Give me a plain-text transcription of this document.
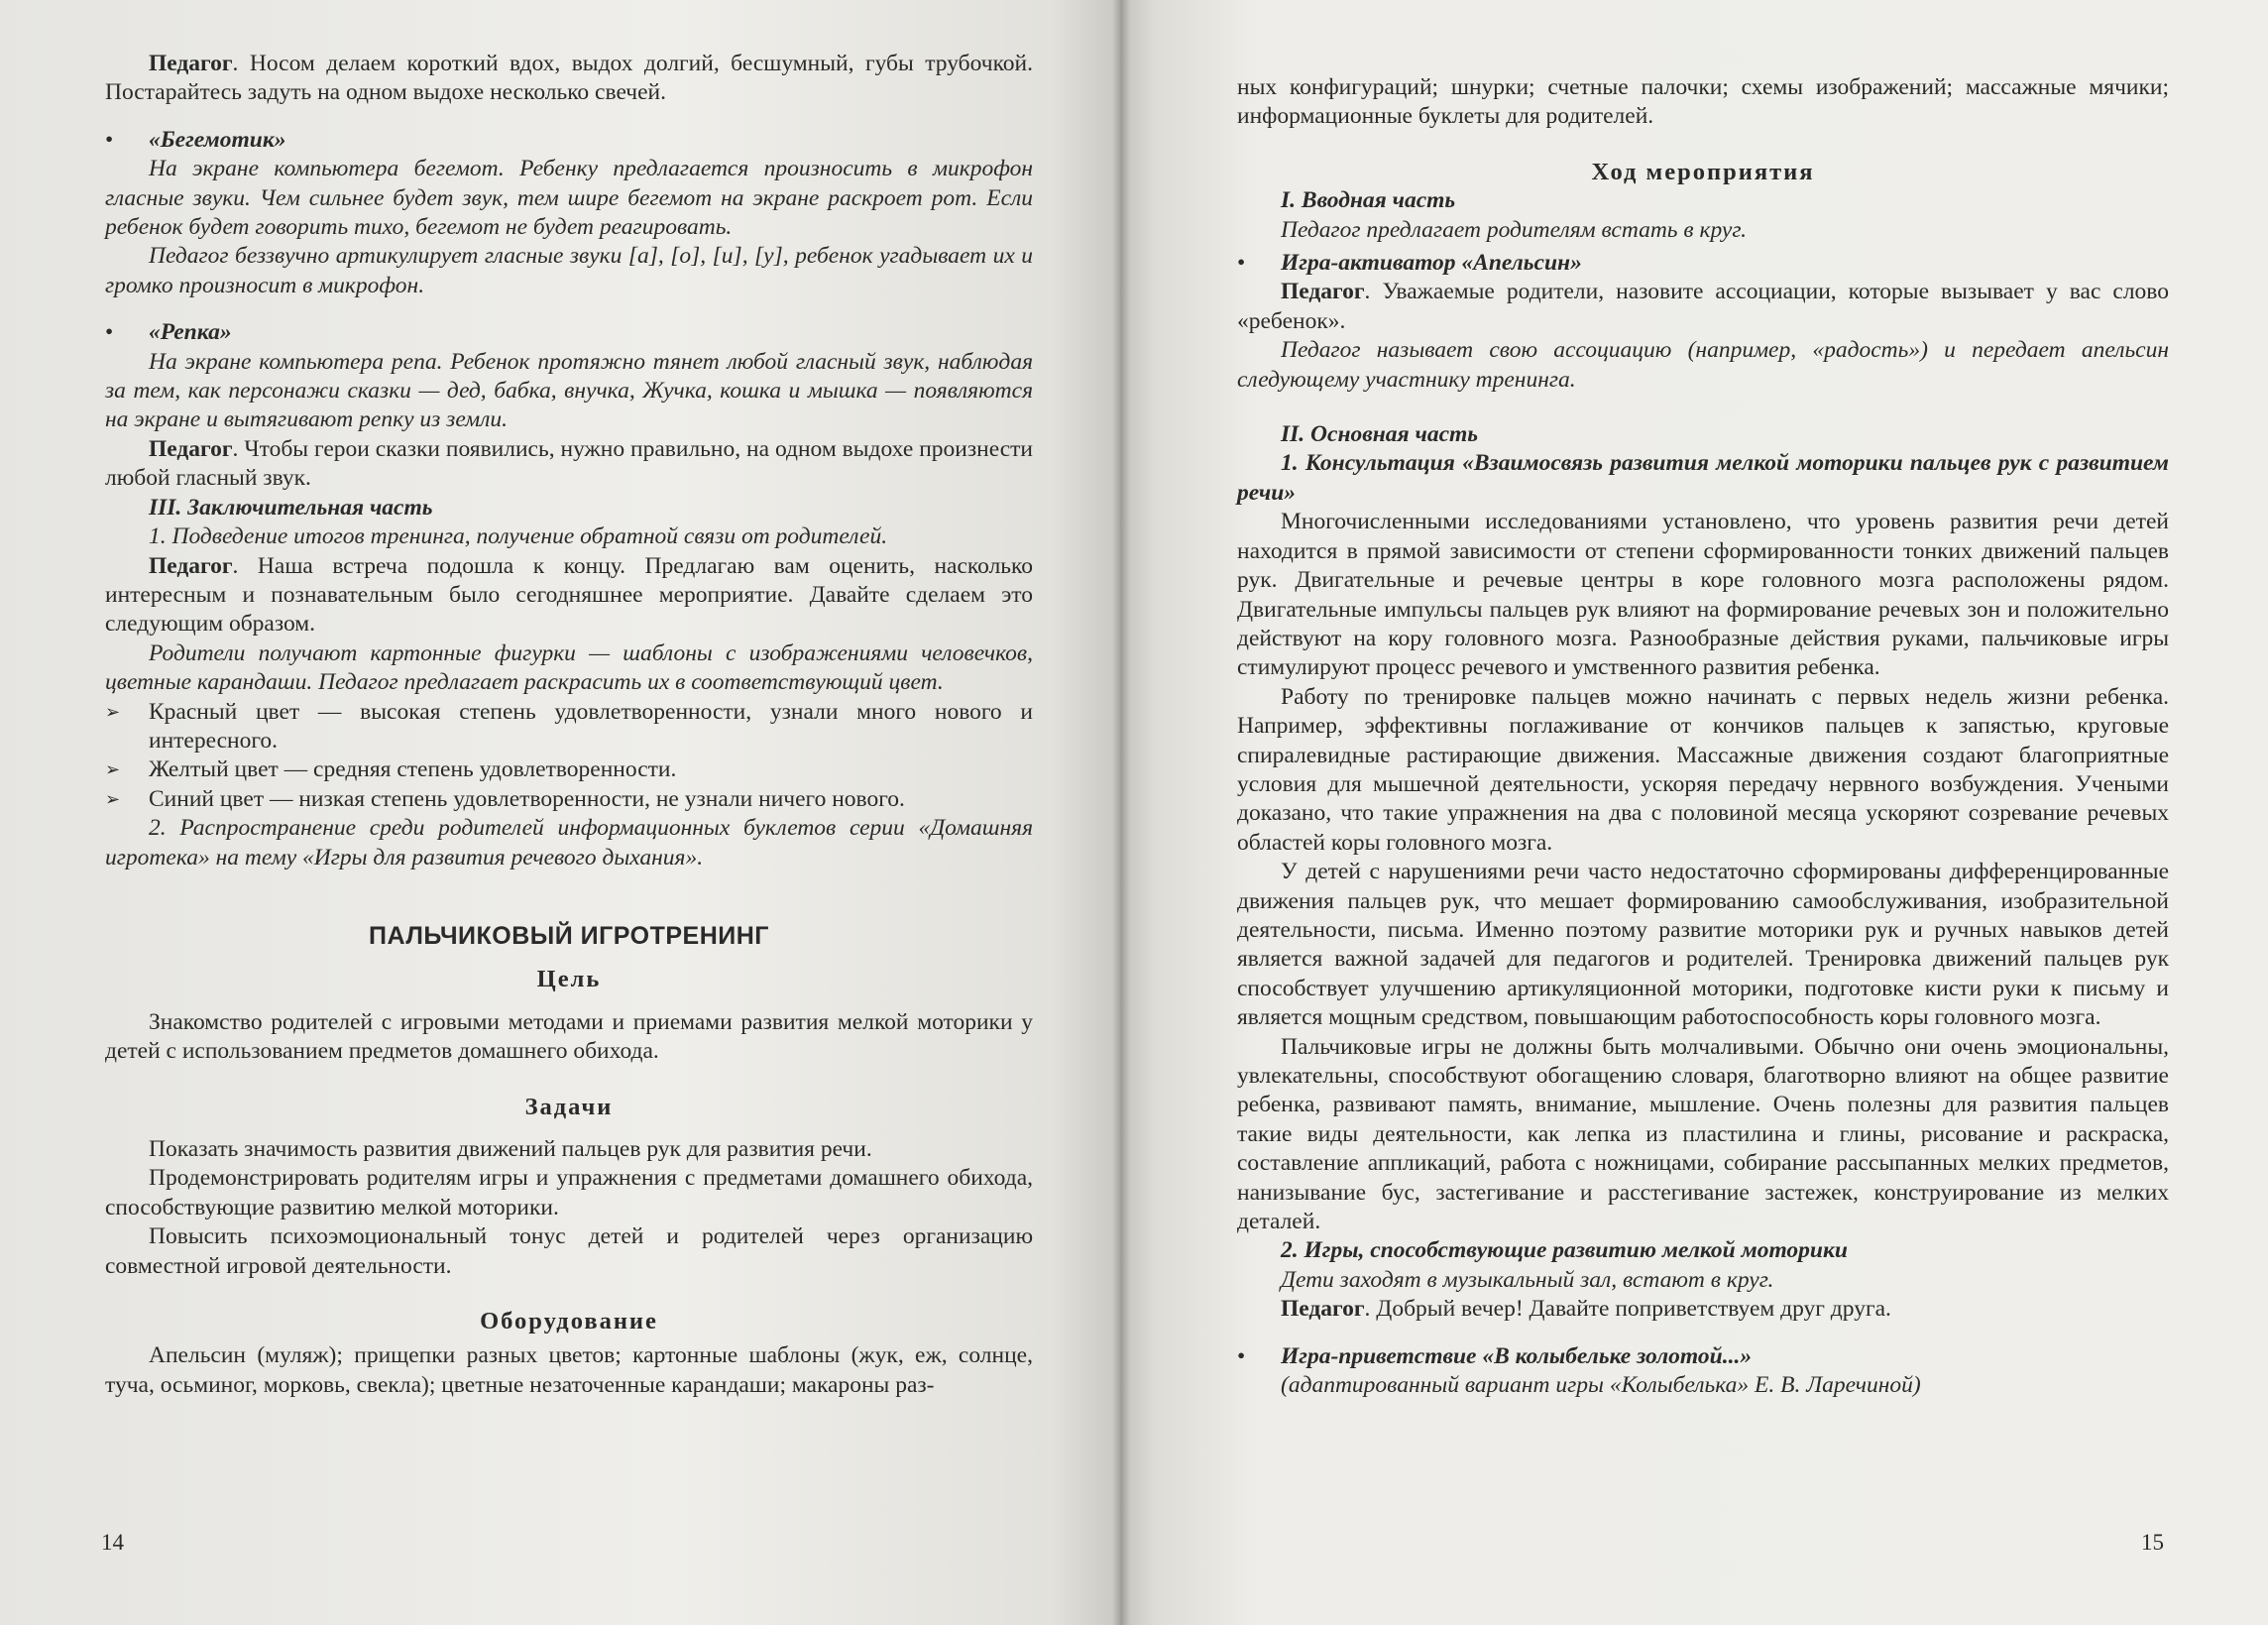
Педагог. Носом делаем короткий вдох, выдох долгий, бесшумный, губы трубочкой. Постарайтесь задуть на одном выдохе несколько свечей.

• «Бегемотик»

На экране компьютера бегемот. Ребенку предлагается произносить в микрофон гласные звуки. Чем сильнее будет звук, тем шире бегемот на экране раскроет рот. Если ребенок будет говорить тихо, бегемот не будет реагировать.

Педагог беззвучно артикулирует гласные звуки [а], [о], [и], [у], ребенок угадывает их и громко произносит в микрофон.

• «Репка»

На экране компьютера репа. Ребенок протяжно тянет любой гласный звук, наблюдая за тем, как персонажи сказки — дед, бабка, внучка, Жучка, кошка и мышка — появляются на экране и вытягивают репку из земли.

Педагог. Чтобы герои сказки появились, нужно правильно, на одном выдохе произнести любой гласный звук.

III. Заключительная часть

1. Подведение итогов тренинга, получение обратной связи от родителей.

Педагог. Наша встреча подошла к концу. Предлагаю вам оценить, насколько интересным и познавательным было сегодняшнее мероприятие. Давайте сделаем это следующим образом.

Родители получают картонные фигурки — шаблоны с изображениями человечков, цветные карандаши. Педагог предлагает раскрасить их в соответствующий цвет.

➢ Красный цвет — высокая степень удовлетворенности, узнали много нового и интересного.
➢ Желтый цвет — средняя степень удовлетворенности.
➢ Синий цвет — низкая степень удовлетворенности, не узнали ничего нового.

2. Распространение среди родителей информационных буклетов серии «Домашняя игротека» на тему «Игры для развития речевого дыхания».

ПАЛЬЧИКОВЫЙ ИГРОТРЕНИНГ

Цель

Знакомство родителей с игровыми методами и приемами развития мелкой моторики у детей с использованием предметов домашнего обихода.

Задачи

Показать значимость развития движений пальцев рук для развития речи.

Продемонстрировать родителям игры и упражнения с предметами домашнего обихода, способствующие развитию мелкой моторики.

Повысить психоэмоциональный тонус детей и родителей через организацию совместной игровой деятельности.

Оборудование

Апельсин (муляж); прищепки разных цветов; картонные шаблоны (жук, еж, солнце, туча, осьминог, морковь, свекла); цветные незаточенные карандаши; макароны раз-

14

ных конфигураций; шнурки; счетные палочки; схемы изображений; массажные мячики; информационные буклеты для родителей.

Ход мероприятия

I. Вводная часть

Педагог предлагает родителям встать в круг.

• Игра-активатор «Апельсин»

Педагог. Уважаемые родители, назовите ассоциации, которые вызывает у вас слово «ребенок».

Педагог называет свою ассоциацию (например, «радость») и передает апельсин следующему участнику тренинга.

II. Основная часть

1. Консультация «Взаимосвязь развития мелкой моторики пальцев рук с развитием речи»

Многочисленными исследованиями установлено, что уровень развития речи детей находится в прямой зависимости от степени сформированности тонких движений пальцев рук. Двигательные и речевые центры в коре головного мозга расположены рядом. Двигательные импульсы пальцев рук влияют на формирование речевых зон и положительно действуют на кору головного мозга. Разнообразные действия руками, пальчиковые игры стимулируют процесс речевого и умственного развития ребенка.

Работу по тренировке пальцев можно начинать с первых недель жизни ребенка. Например, эффективны поглаживание от кончиков пальцев к запястью, круговые спиралевидные растирающие движения. Массажные движения создают благоприятные условия для мышечной деятельности, ускоряя передачу нервного возбуждения. Учеными доказано, что такие упражнения на два с половиной месяца ускоряют созревание речевых областей коры головного мозга.

У детей с нарушениями речи часто недостаточно сформированы дифференцированные движения пальцев рук, что мешает формированию самообслуживания, изобразительной деятельности, письма. Именно поэтому развитие моторики рук и ручных навыков детей является важной задачей для педагогов и родителей. Тренировка движений пальцев рук способствует улучшению артикуляционной моторики, подготовке кисти руки к письму и является мощным средством, повышающим работоспособность коры головного мозга.

Пальчиковые игры не должны быть молчаливыми. Обычно они очень эмоциональны, увлекательны, способствуют обогащению словаря, благотворно влияют на общее развитие ребенка, развивают память, внимание, мышление. Очень полезны для развития пальцев такие виды деятельности, как лепка из пластилина и глины, рисование и раскраска, составление аппликаций, работа с ножницами, собирание рассыпанных мелких предметов, нанизывание бус, застегивание и расстегивание застежек, конструирование из мелких деталей.

2. Игры, способствующие развитию мелкой моторики

Дети заходят в музыкальный зал, встают в круг.

Педагог. Добрый вечер! Давайте поприветствуем друг друга.

• Игра-приветствие «В колыбельке золотой...»

(адаптированный вариант игры «Колыбелька» Е. В. Ларечиной)

15
